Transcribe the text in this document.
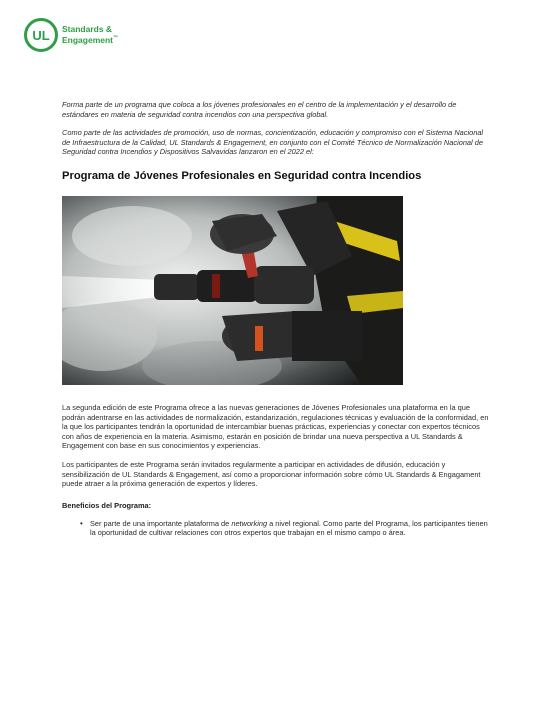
UL Standards &
Engagement™

Forma parte de un programa que coloca a los jóvenes profesionales en el centro de la implementación y el desarrollo de estándares en materia de seguridad contra incendios con una perspectiva global.

Como parte de las actividades de promoción, uso de normas, concientización, educación y compromiso con el Sistema Nacional de Infraestructura de la Calidad, UL Standards & Engagement, en conjunto con el Comité Técnico de Normalización Nacional de Seguridad contra Incendios y Dispositivos Salvavidas lanzaron en el 2022 el:

Programa de Jóvenes Profesionales en Seguridad contra Incendios

La segunda edición de este Programa ofrece a las nuevas generaciones de Jóvenes Profesionales una plataforma en la que podrán adentrarse en las actividades de normalización, estandarización, regulaciones técnicas y evaluación de la conformidad, en la que los participantes tendrán la oportunidad de intercambiar buenas prácticas, experiencias y conectar con expertos técnicos con años de experiencia en la materia. Asimismo, estarán en posición de brindar una nueva perspectiva a UL Standards & Engagement con base en sus conocimientos y experiencias.

Los participantes de este Programa serán invitados regularmente a participar en actividades de difusión, educación y sensibilización de UL Standards & Engagement, así como a proporcionar información sobre cómo UL Standards & Engagament puede atraer a la próxima generación de expertos y líderes.

Beneficios del Programa:

• Ser parte de una importante plataforma de networking a nivel regional. Como parte del Programa, los participantes tienen la oportunidad de cultivar relaciones con otros expertos que trabajan en el mismo campo o área.
